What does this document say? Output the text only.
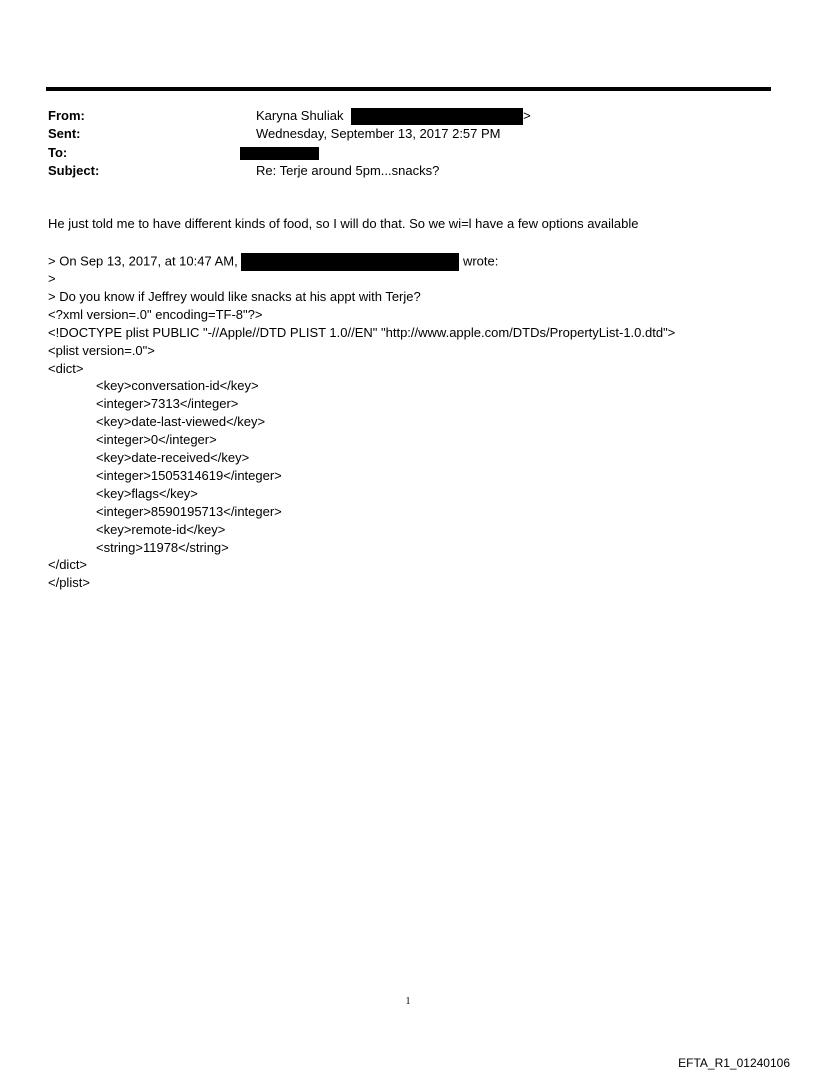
From:
Sent:
To:
Subject:
Karyna Shuliak	>
Wednesday, September 13, 2017 2:57 PM
Re: Terje around 5pm...snacks?
He just told me to have different kinds of food, so I will do that. So we wi=l have a few options available
> On Sep 13, 2017, at 10:47 AM,	wrote:
>
> Do you know if Jeffrey would like snacks at his appt with Terje?
<?xml version=.0" encoding=TF-8"?>
<!DOCTYPE plist PUBLIC "-//Apple//DTD PLIST 1.0//EN" "http://www.apple.com/DTDs/PropertyList-1.0.dtd">
<plist version=.0">
<dict>
<key>conversation-id</key>
<integer>7313</integer>
<key>date-last-viewed</key>
<integer>0</integer>
<key>date-received</key>
<integer>1505314619</integer>
<key>flags</key>
<integer>8590195713</integer>
<key>remote-id</key>
<string>11978</string>
</dict>
</plist>
1
EFTA_R1_01240106
